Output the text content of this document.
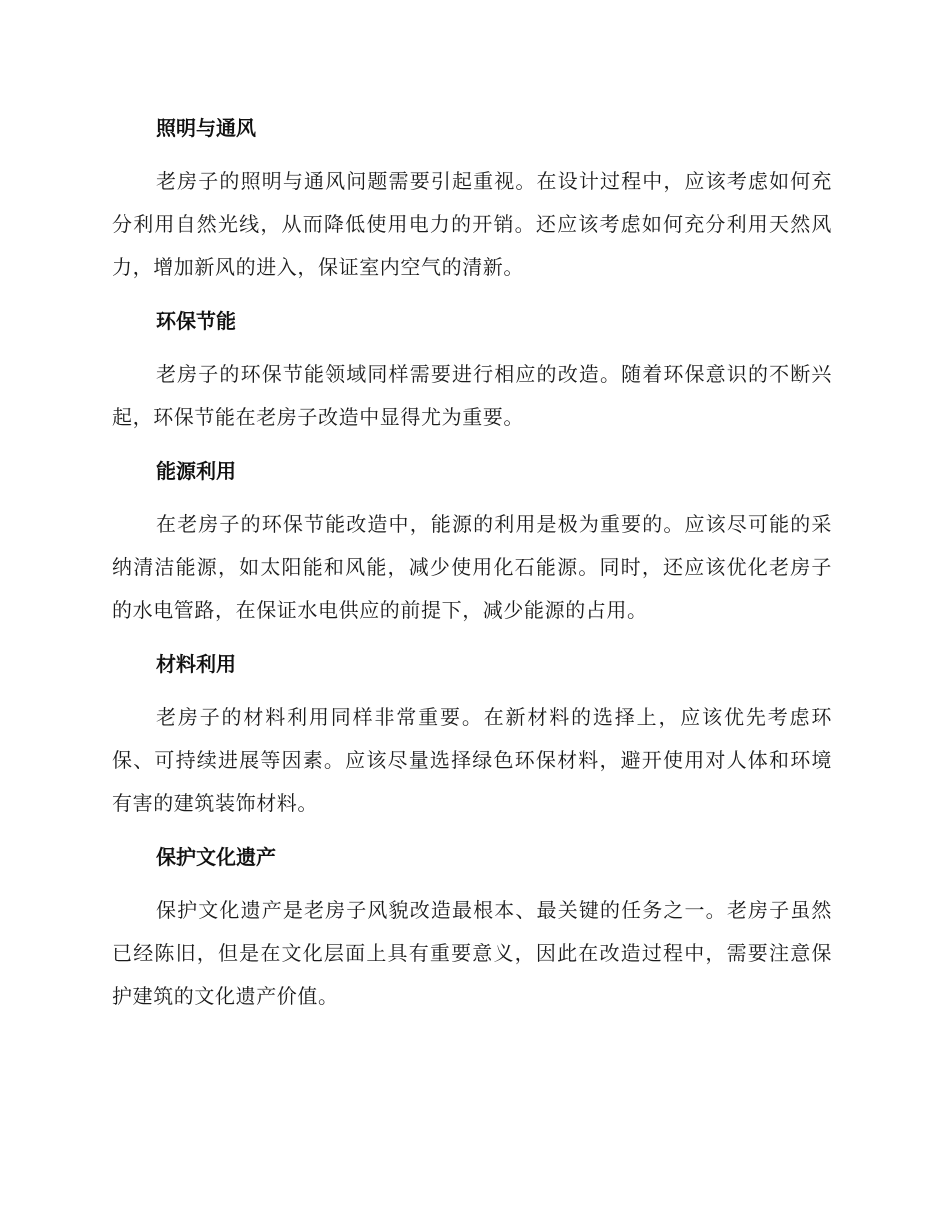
照明与通风

老房子的照明与通风问题需要引起重视。在设计过程中，应该考虑如何充分利用自然光线，从而降低使用电力的开销。还应该考虑如何充分利用天然风力，增加新风的进入，保证室内空气的清新。

环保节能

老房子的环保节能领域同样需要进行相应的改造。随着环保意识的不断兴起，环保节能在老房子改造中显得尤为重要。

能源利用

在老房子的环保节能改造中，能源的利用是极为重要的。应该尽可能的采纳清洁能源，如太阳能和风能，减少使用化石能源。同时，还应该优化老房子的水电管路，在保证水电供应的前提下，减少能源的占用。

材料利用

老房子的材料利用同样非常重要。在新材料的选择上，应该优先考虑环保、可持续进展等因素。应该尽量选择绿色环保材料，避开使用对人体和环境有害的建筑装饰材料。

保护文化遗产

保护文化遗产是老房子风貌改造最根本、最关键的任务之一。老房子虽然已经陈旧，但是在文化层面上具有重要意义，因此在改造过程中，需要注意保护建筑的文化遗产价值。
